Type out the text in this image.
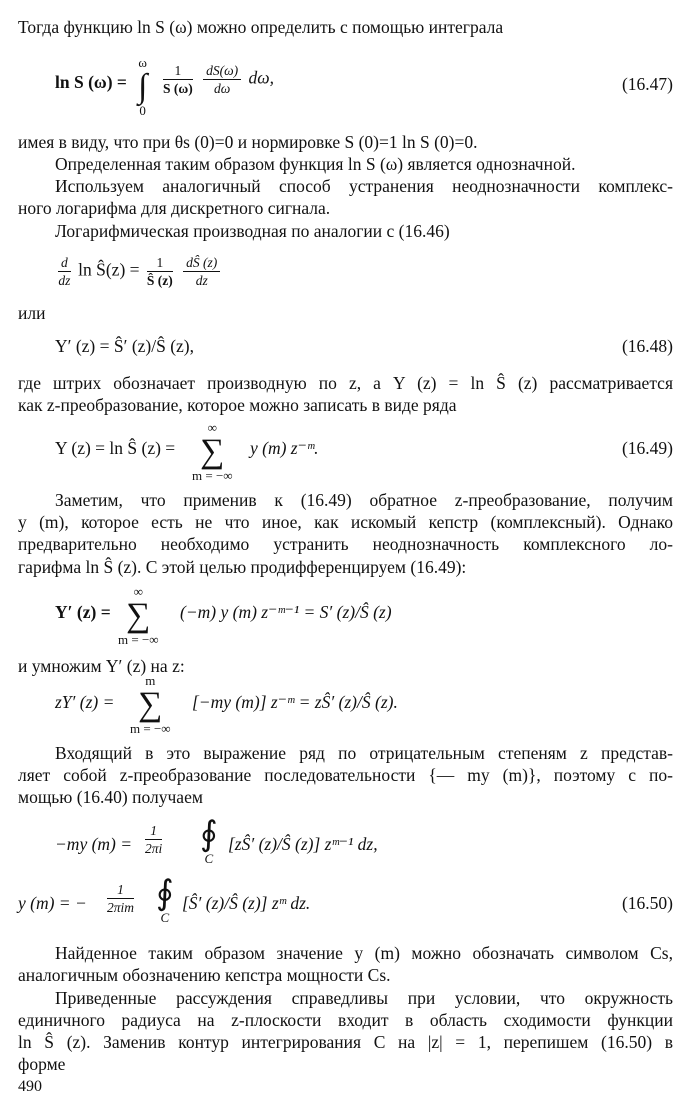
Тогда функцию ln S (ω) можно определить с помощью интеграла
ln S (ω) =
ω
∫
0
$\frac{1}{S (\omega)}$
$\frac{dS(\omega)}{d\omega} d\omega$,	(16.47)
имея в виду, что при θs (0)=0 и нормировке S (0)=1 ln S (0)=0.
Определенная таким образом функция ln S (ω) является однозначной.
Используем аналогичный способ устранения неоднозначности комплекс-
ного логарифма для дискретного сигнала.
Логарифмическая производная по аналогии с (16.46)
$\frac{d}{dz}$ ln Ŝ(z) = $\frac{1}{Ŝ (z)}$
$\frac{dŜ (z)}{dz}$
или
Y′ (z) = Ŝ′ (z)/Ŝ (z),	(16.48)
где штрих обозначает производную по z, а Y (z) = ln Ŝ (z) рассматривается
как z-преобразование, которое можно записать в виде ряда
Y (z) = ln Ŝ (z) =
∞
∑
m = −∞
y (m) z⁻ᵐ.	(16.49)
Заметим, что применив к (16.49) обратное z-преобразование, получим
y (m), которое есть не что иное, как искомый кепстр (комплексный). Однако
предварительно необходимо устранить неоднозначность комплексного ло-
гарифма ln Ŝ (z). С этой целью продифференцируем (16.49):
Y′ (z) =
∞
∑
m = −∞
(−m) y (m) z⁻ᵐ⁻¹ = S′ (z)/Ŝ (z)
и умножим Y′ (z) на z:
zY′ (z) =
m
∑
m = −∞
[−my (m)] z⁻ᵐ = zŜ′ (z)/Ŝ (z).
Входящий в это выражение ряд по отрицательным степеням z представ-
ляет собой z-преобразование последовательности {— my (m)}, поэтому с по-
мощью (16.40) получаем
−my $(m) = \frac{1}{2\pi i}$ ∮
C
[zŜ′ (z)/Ŝ (z)] zᵐ⁻¹ dz,
y (m) = − $\frac{1}{\text{2πim}}$ ∮
C
[Ŝ′ (z)/Ŝ (z)] zᵐ dz.	(16.50)
Найденное таким образом значение y (m) можно обозначать символом Cs,
аналогичным обозначению кепстра мощности Cs.
Приведенные рассуждения справедливы при условии, что окружность
единичного радиуса на z-плоскости входит в область сходимости функции
ln Ŝ (z). Заменив контур интегрирования C на |z| = 1, перепишем (16.50) в
форме
490
